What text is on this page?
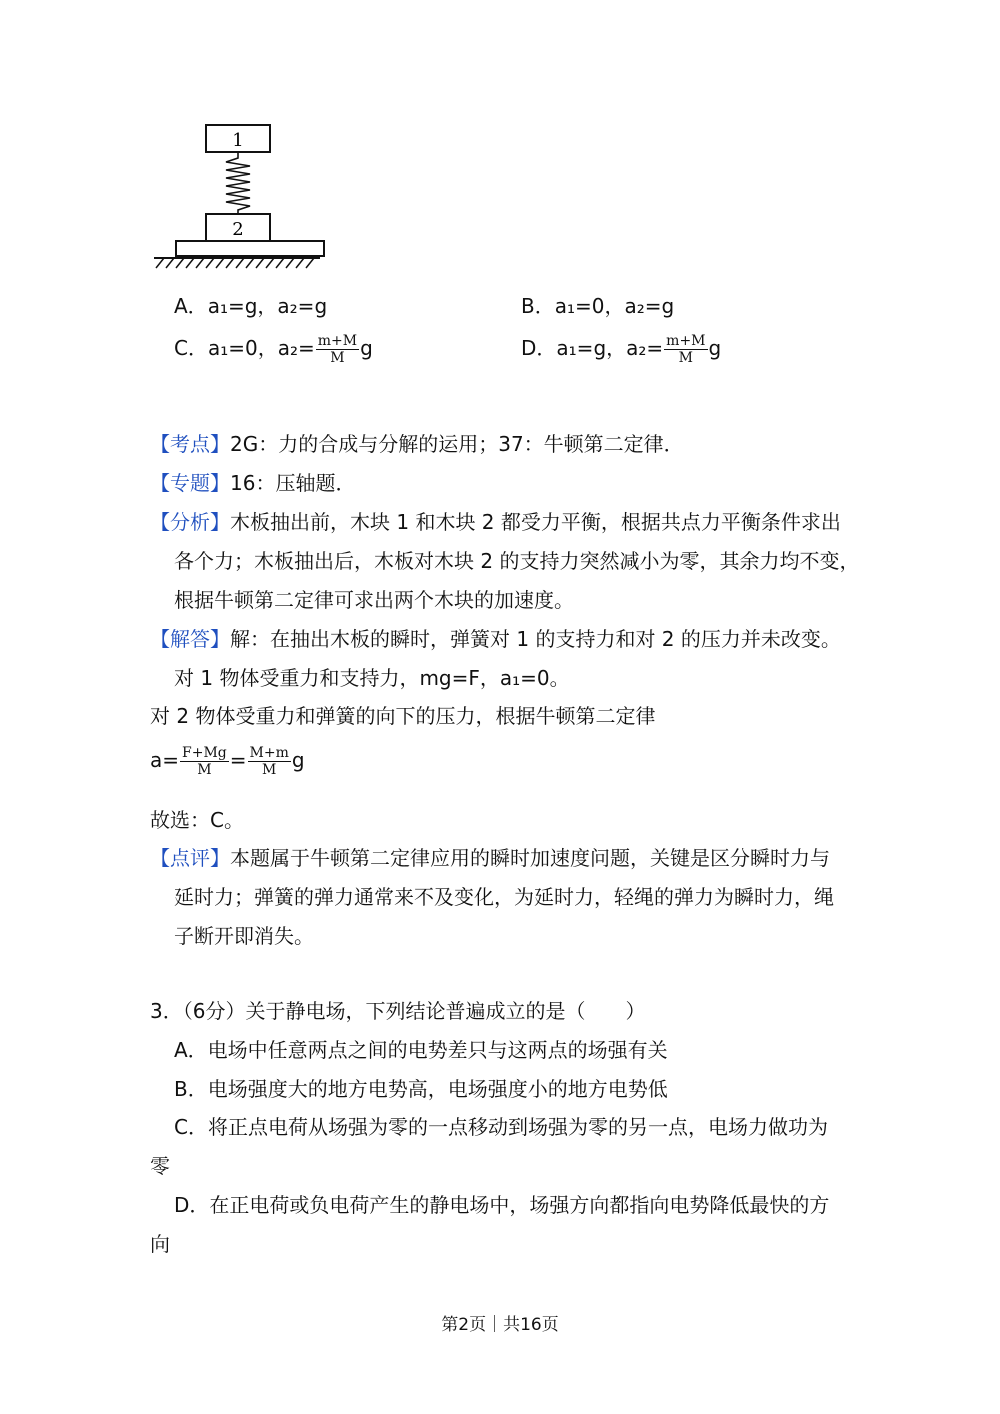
1
2
A．a₁=g，a₂=g	B．a₁=0，a₂=g
C．a₁=0，$a_2= \frac{m+M}{M}$ g	D．a₁=g，$a_2= \frac{m+M}{M}$ g
【考点】2G：力的合成与分解的运用；37：牛顿第二定律．
【专题】16：压轴题．
【分析】木板抽出前，木块 1 和木块 2 都受力平衡，根据共点力平衡条件求出
各个力；木板抽出后，木板对木块 2 的支持力突然减小为零，其余力均不变，
根据牛顿第二定律可求出两个木块的加速度。
【解答】解：在抽出木板的瞬时，弹簧对 1 的支持力和对 2 的压力并未改变。
对 1 物体受重力和支持力，mg=F，a₁=0。
对 2 物体受重力和弹簧的向下的压力，根据牛顿第二定律
$a= \frac{F+Mg}{M} = \frac{M+m}{M}$ g
故选：C。
【点评】本题属于牛顿第二定律应用的瞬时加速度问题，关键是区分瞬时力与
延时力；弹簧的弹力通常来不及变化，为延时力，轻绳的弹力为瞬时力，绳
子断开即消失。
3．（6分）关于静电场，下列结论普遍成立的是（　　）
A．电场中任意两点之间的电势差只与这两点的场强有关
B．电场强度大的地方电势高，电场强度小的地方电势低
C．将正点电荷从场强为零的一点移动到场强为零的另一点，电场力做功为
零
D．在正电荷或负电荷产生的静电场中，场强方向都指向电势降低最快的方
向
第2页｜共16页
